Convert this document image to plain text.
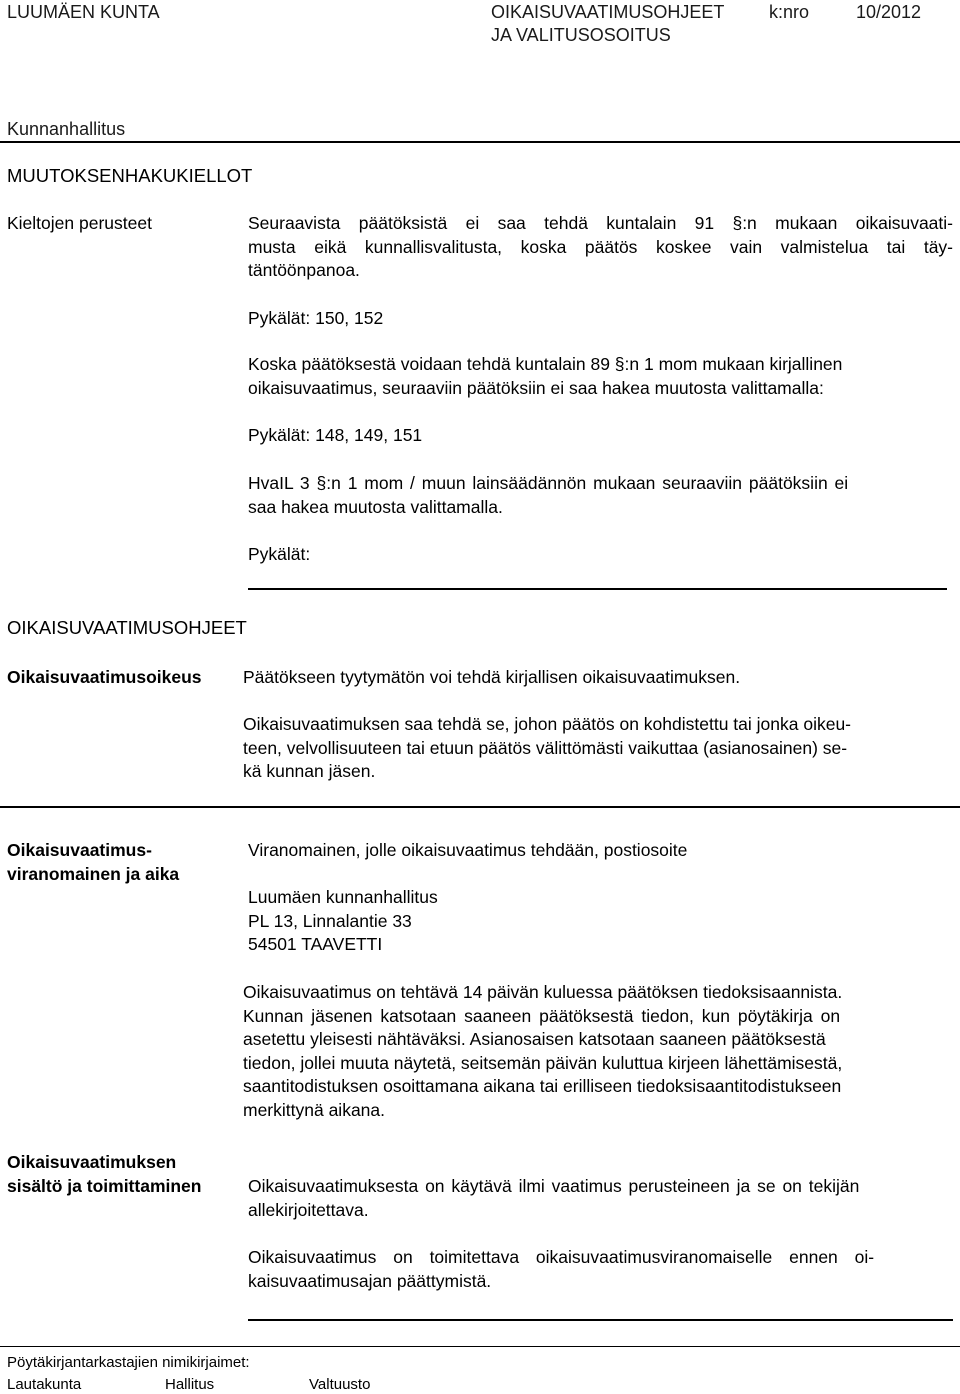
LUUMÄEN KUNTA	OIKAISUVAATIMUSOHJEET k:nro	10/2012
JA VALITUSOSOITUS
Kunnanhallitus
MUUTOKSENHAKUKIELLOT
Kieltojen perusteet	Seuraavista päätöksistä ei saa tehdä kuntalain 91 §:n mukaan oikaisuvaati-
musta eikä kunnallisvalitusta, koska päätös koskee vain valmistelua tai täy-
täntöönpanoa.
Pykälät: 150, 152
Koska päätöksestä voidaan tehdä kuntalain 89 §:n 1 mom mukaan kirjallinen
oikaisuvaatimus, seuraaviin päätöksiin ei saa hakea muutosta valittamalla:
Pykälät: 148, 149, 151
HvaIL 3 §:n 1 mom / muun lainsäädännön mukaan seuraaviin päätöksiin ei
saa hakea muutosta valittamalla.
Pykälät:
OIKAISUVAATIMUSOHJEET
Oikaisuvaatimusoikeus Päätökseen tyytymätön voi tehdä kirjallisen oikaisuvaatimuksen.
Oikaisuvaatimuksen saa tehdä se, johon päätös on kohdistettu tai jonka oikeu-
teen, velvollisuuteen tai etuun päätös välittömästi vaikuttaa (asianosainen) se-
kä kunnan jäsen.
Oikaisuvaatimus-
viranomainen ja aika
Viranomainen, jolle oikaisuvaatimus tehdään, postiosoite
Luumäen kunnanhallitus
PL 13, Linnalantie 33
54501 TAAVETTI
Oikaisuvaatimus on tehtävä 14 päivän kuluessa päätöksen tiedoksisaannista.
Kunnan jäsenen katsotaan saaneen päätöksestä tiedon, kun pöytäkirja on
asetettu yleisesti nähtäväksi. Asianosaisen katsotaan saaneen päätöksestä
tiedon, jollei muuta näytetä, seitsemän päivän kuluttua kirjeen lähettämisestä,
saantitodistuksen osoittamana aikana tai erilliseen tiedoksisaantitodistukseen
merkittynä aikana.
Oikaisuvaatimuksen
sisältö ja toimittaminen	Oikaisuvaatimuksesta on käytävä ilmi vaatimus perusteineen ja se on tekijän
allekirjoitettava.
Oikaisuvaatimus on toimitettava oikaisuvaatimusviranomaiselle ennen oi-
kaisuvaatimusajan päättymistä.
Pöytäkirjantarkastajien nimikirjaimet:
Lautakunta	Hallitus	Valtuusto
